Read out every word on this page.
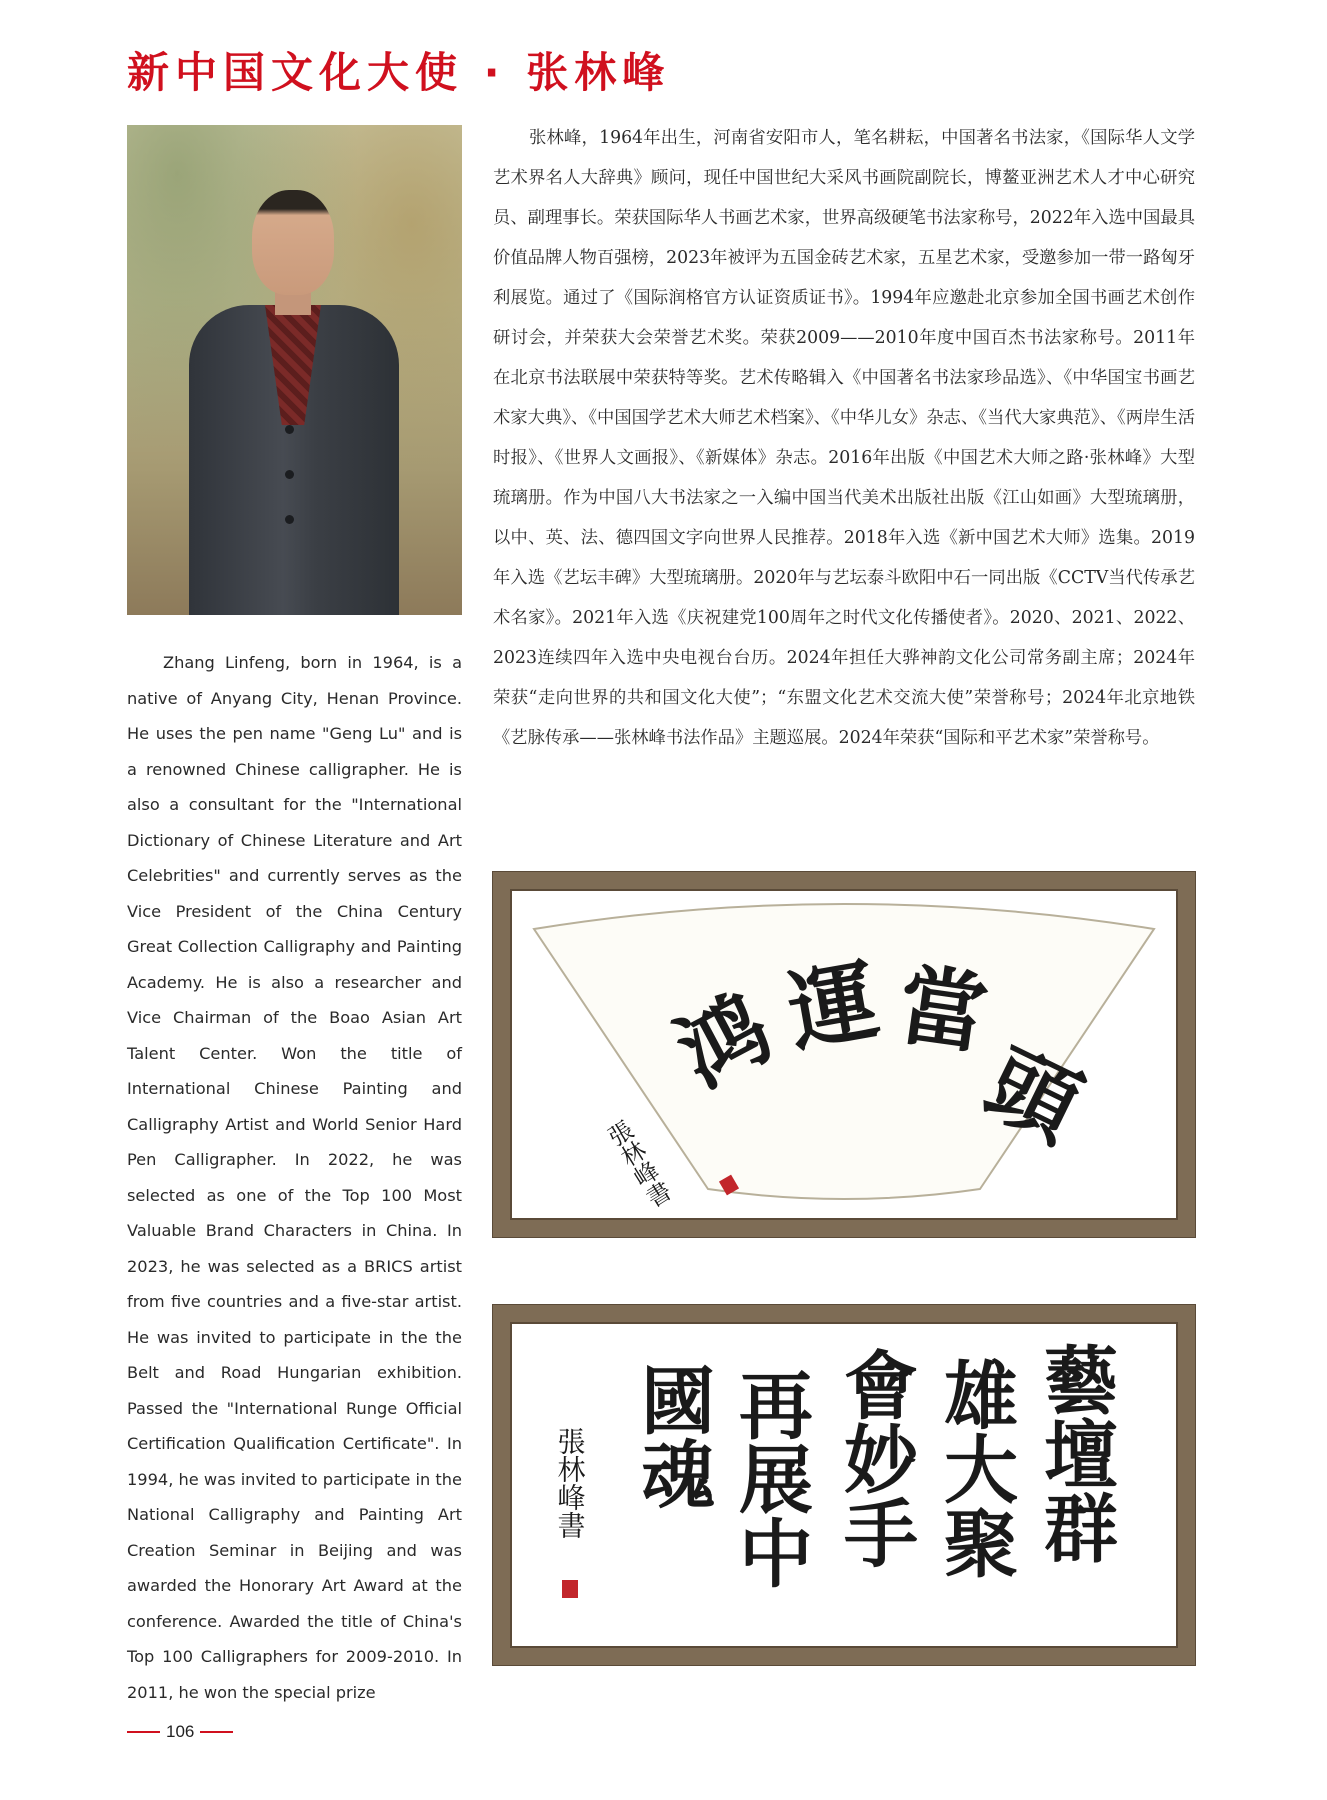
新中国文化大使 · 张林峰

Zhang Linfeng, born in 1964, is a native of Anyang City, Henan Province. He uses the pen name "Geng Lu" and is a renowned Chinese calligrapher. He is also a consultant for the "International Dictionary of Chinese Literature and Art Celebrities" and currently serves as the Vice President of the China Century Great Collection Calligraphy and Painting Academy. He is also a researcher and Vice Chairman of the Boao Asian Art Talent Center. Won the title of International Chinese Painting and Calligraphy Artist and World Senior Hard Pen Calligrapher. In 2022, he was selected as one of the Top 100 Most Valuable Brand Characters in China. In 2023, he was selected as a BRICS artist from five countries and a five-star artist. He was invited to participate in the the Belt and Road Hungarian exhibition. Passed the "International Runge Official Certification Qualification Certificate". In 1994, he was invited to participate in the National Calligraphy and Painting Art Creation Seminar in Beijing and was awarded the Honorary Art Award at the conference. Awarded the title of China's Top 100 Calligraphers for 2009-2010. In 2011, he won the special prize

张林峰，1964年出生，河南省安阳市人，笔名耕耘，中国著名书法家，《国际华人文学艺术界名人大辞典》顾问，现任中国世纪大采风书画院副院长，博鳌亚洲艺术人才中心研究员、副理事长。荣获国际华人书画艺术家，世界高级硬笔书法家称号，2022年入选中国最具价值品牌人物百强榜，2023年被评为五国金砖艺术家，五星艺术家，受邀参加一带一路匈牙利展览。通过了《国际润格官方认证资质证书》。1994年应邀赴北京参加全国书画艺术创作研讨会，并荣获大会荣誉艺术奖。荣获2009——2010年度中国百杰书法家称号。2011年在北京书法联展中荣获特等奖。艺术传略辑入《中国著名书法家珍品选》、《中华国宝书画艺术家大典》、《中国国学艺术大师艺术档案》、《中华儿女》杂志、《当代大家典范》、《两岸生活时报》、《世界人文画报》、《新媒体》杂志。2016年出版《中国艺术大师之路·张林峰》大型琉璃册。作为中国八大书法家之一入编中国当代美术出版社出版《江山如画》大型琉璃册，以中、英、法、德四国文字向世界人民推荐。2018年入选《新中国艺术大师》选集。2019年入选《艺坛丰碑》大型琉璃册。2020年与艺坛泰斗欧阳中石一同出版《CCTV当代传承艺术名家》。2021年入选《庆祝建党100周年之时代文化传播使者》。2020、2021、2022、2023连续四年入选中央电视台台历。2024年担任大骅神韵文化公司常务副主席；2024年荣获“走向世界的共和国文化大使”；“东盟文化艺术交流大使”荣誉称号；2024年北京地铁《艺脉传承——张林峰书法作品》主题巡展。2024年荣获“国际和平艺术家”荣誉称号。

鸿
運 當
頭
張林峰書
藝壇群
雄大聚
會妙手
再展中
國魂
張林峰書
106
